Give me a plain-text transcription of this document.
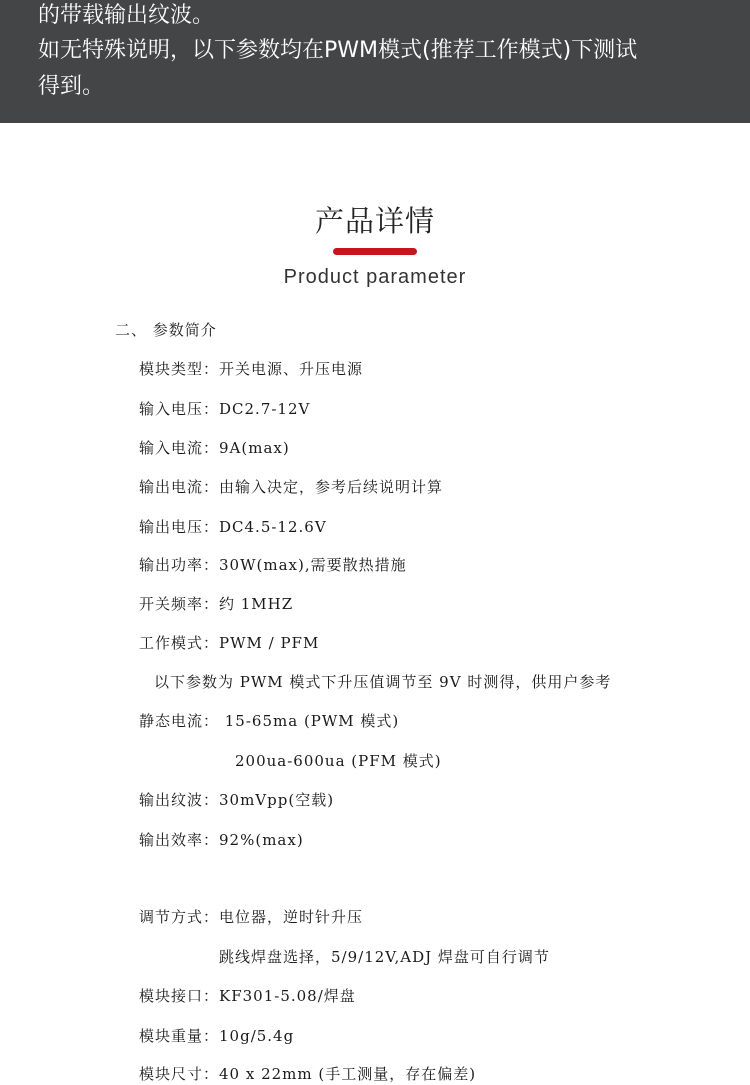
的带载输出纹波。
如无特殊说明，以下参数均在PWM模式(推荐工作模式)下测试
得到。
产品详情
Product parameter
二、 参数简介
模块类型：开关电源、升压电源
输入电压：DC2.7-12V
输入电流：9A(max)
输出电流：由输入决定，参考后续说明计算
输出电压：DC4.5-12.6V
输出功率：30W(max),需要散热措施
开关频率：约 1MHZ
工作模式：PWM / PFM
以下参数为 PWM 模式下升压值调节至 9V 时测得，供用户参考
静态电流： 15-65ma (PWM 模式)
200ua-600ua (PFM 模式)
输出纹波：30mVpp(空载)
输出效率：92%(max)
调节方式：电位器，逆时针升压
跳线焊盘选择，5/9/12V,ADJ 焊盘可自行调节
模块接口：KF301-5.08/焊盘
模块重量：10g/5.4g
模块尺寸：40 x 22mm (手工测量，存在偏差)
